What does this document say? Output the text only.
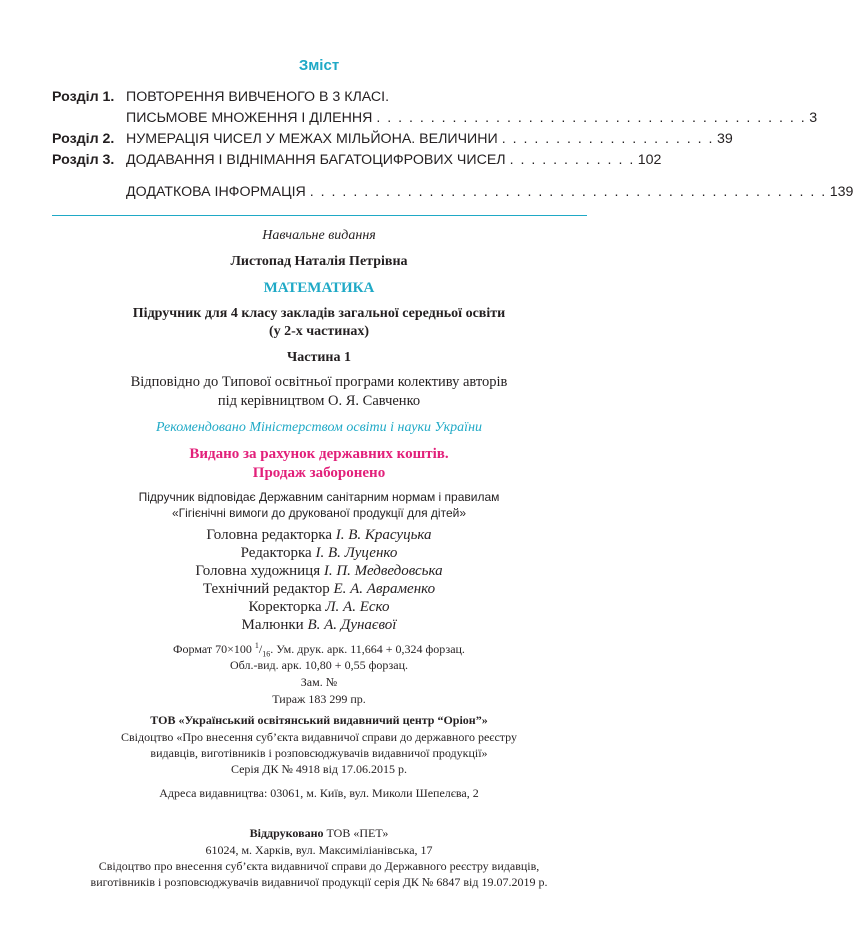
Зміст
Розділ 1. ПОВТОРЕННЯ ВИВЧЕНОГО В 3 КЛАСІ.
ПИСЬМОВЕ МНОЖЕННЯ І ДІЛЕННЯ . . . . . . . . . . . . . . . . . . . . . . . . . . . . . . . . . . . . . . . . 3
Розділ 2. НУМЕРАЦІЯ ЧИСЕЛ У МЕЖАХ МІЛЬЙОНА. ВЕЛИЧИНИ . . . . . . . . . . . . . . . . . . . . 39
Розділ 3. ДОДАВАННЯ І ВІДНІМАННЯ БАГАТОЦИФРОВИХ ЧИСЕЛ . . . . . . . . . . . . 102
ДОДАТКОВА ІНФОРМАЦІЯ . . . . . . . . . . . . . . . . . . . . . . . . . . . . . . . . . . . . . . . . . . . . . . . . 139
Навчальне видання
Листопад Наталія Петрівна
МАТЕМАТИКА
Підручник для 4 класу закладів загальної середньої освіти
(у 2-х частинах)
Частина 1
Відповідно до Типової освітньої програми колективу авторів
під керівництвом О. Я. Савченко
Рекомендовано Міністерством освіти і науки України
Видано за рахунок державних коштів.
Продаж заборонено
Підручник відповідає Державним санітарним нормам і правилам
«Гігієнічні вимоги до друкованої продукції для дітей»
Головна редакторка І. В. Красуцька
Редакторка І. В. Луценко
Головна художниця І. П. Медведовська
Технічний редактор Е. А. Авраменко
Коректорка Л. А. Еско
Малюнки В. А. Дунаєвої
Формат 70×100 $^1/_{16}$. Ум. друк. арк. 11,664 + 0,324 форзац.
Обл.-вид. арк. 10,80 + 0,55 форзац.
Зам. №
Тираж 183 299 пр.
ТОВ «Український освітянський видавничий центр “Оріон”»
Свідоцтво «Про внесення суб’єкта видавничої справи до державного реєстру
видавців, виготівників і розповсюджувачів видавничої продукції»
Серія ДК № 4918 від 17.06.2015 р.
Адреса видавництва: 03061, м. Київ, вул. Миколи Шепелєва, 2
Віддруковано ТОВ «ПЕТ»
61024, м. Харків, вул. Максиміліанівська, 17
Свідоцтво про внесення суб’єкта видавничої справи до Державного реєстру видавців,
виготівників і розповсюджувачів видавничої продукції серія ДК № 6847 від 19.07.2019 р.
